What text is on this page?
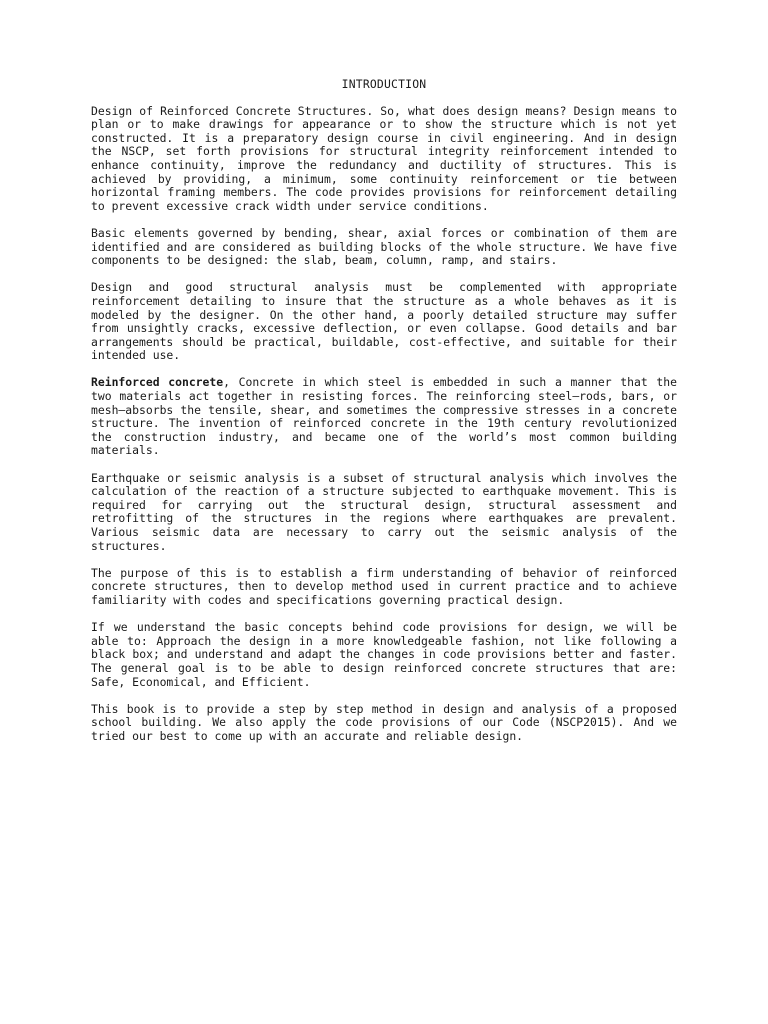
INTRODUCTION

Design of Reinforced Concrete Structures. So, what does design means? Design means to plan or to make drawings for appearance or to show the structure which is not yet constructed. It is a preparatory design course in civil engineering. And in design the NSCP, set forth provisions for structural integrity reinforcement intended to enhance continuity, improve the redundancy and ductility of structures. This is achieved by providing, a minimum, some continuity reinforcement or tie between horizontal framing members. The code provides provisions for reinforcement detailing to prevent excessive crack width under service conditions.

Basic elements governed by bending, shear, axial forces or combination of them are identified and are considered as building blocks of the whole structure. We have five components to be designed: the slab, beam, column, ramp, and stairs.

Design and good structural analysis must be complemented with appropriate reinforcement detailing to insure that the structure as a whole behaves as it is modeled by the designer. On the other hand, a poorly detailed structure may suffer from unsightly cracks, excessive deflection, or even collapse. Good details and bar arrangements should be practical, buildable, cost-effective, and suitable for their intended use.

Reinforced concrete, Concrete in which steel is embedded in such a manner that the two materials act together in resisting forces. The reinforcing steel—rods, bars, or mesh—absorbs the tensile, shear, and sometimes the compressive stresses in a concrete structure. The invention of reinforced concrete in the 19th century revolutionized the construction industry, and became one of the world’s most common building materials.

Earthquake or seismic analysis is a subset of structural analysis which involves the calculation of the reaction of a structure subjected to earthquake movement. This is required for carrying out the structural design, structural assessment and retrofitting of the structures in the regions where earthquakes are prevalent. Various seismic data are necessary to carry out the seismic analysis of the structures.

The purpose of this is to establish a firm understanding of behavior of reinforced concrete structures, then to develop method used in current practice and to achieve familiarity with codes and specifications governing practical design.

If we understand the basic concepts behind code provisions for design, we will be able to: Approach the design in a more knowledgeable fashion, not like following a black box; and understand and adapt the changes in code provisions better and faster. The general goal is to be able to design reinforced concrete structures that are: Safe, Economical, and Efficient.

This book is to provide a step by step method in design and analysis of a proposed school building. We also apply the code provisions of our Code (NSCP2015). And we tried our best to come up with an accurate and reliable design.
